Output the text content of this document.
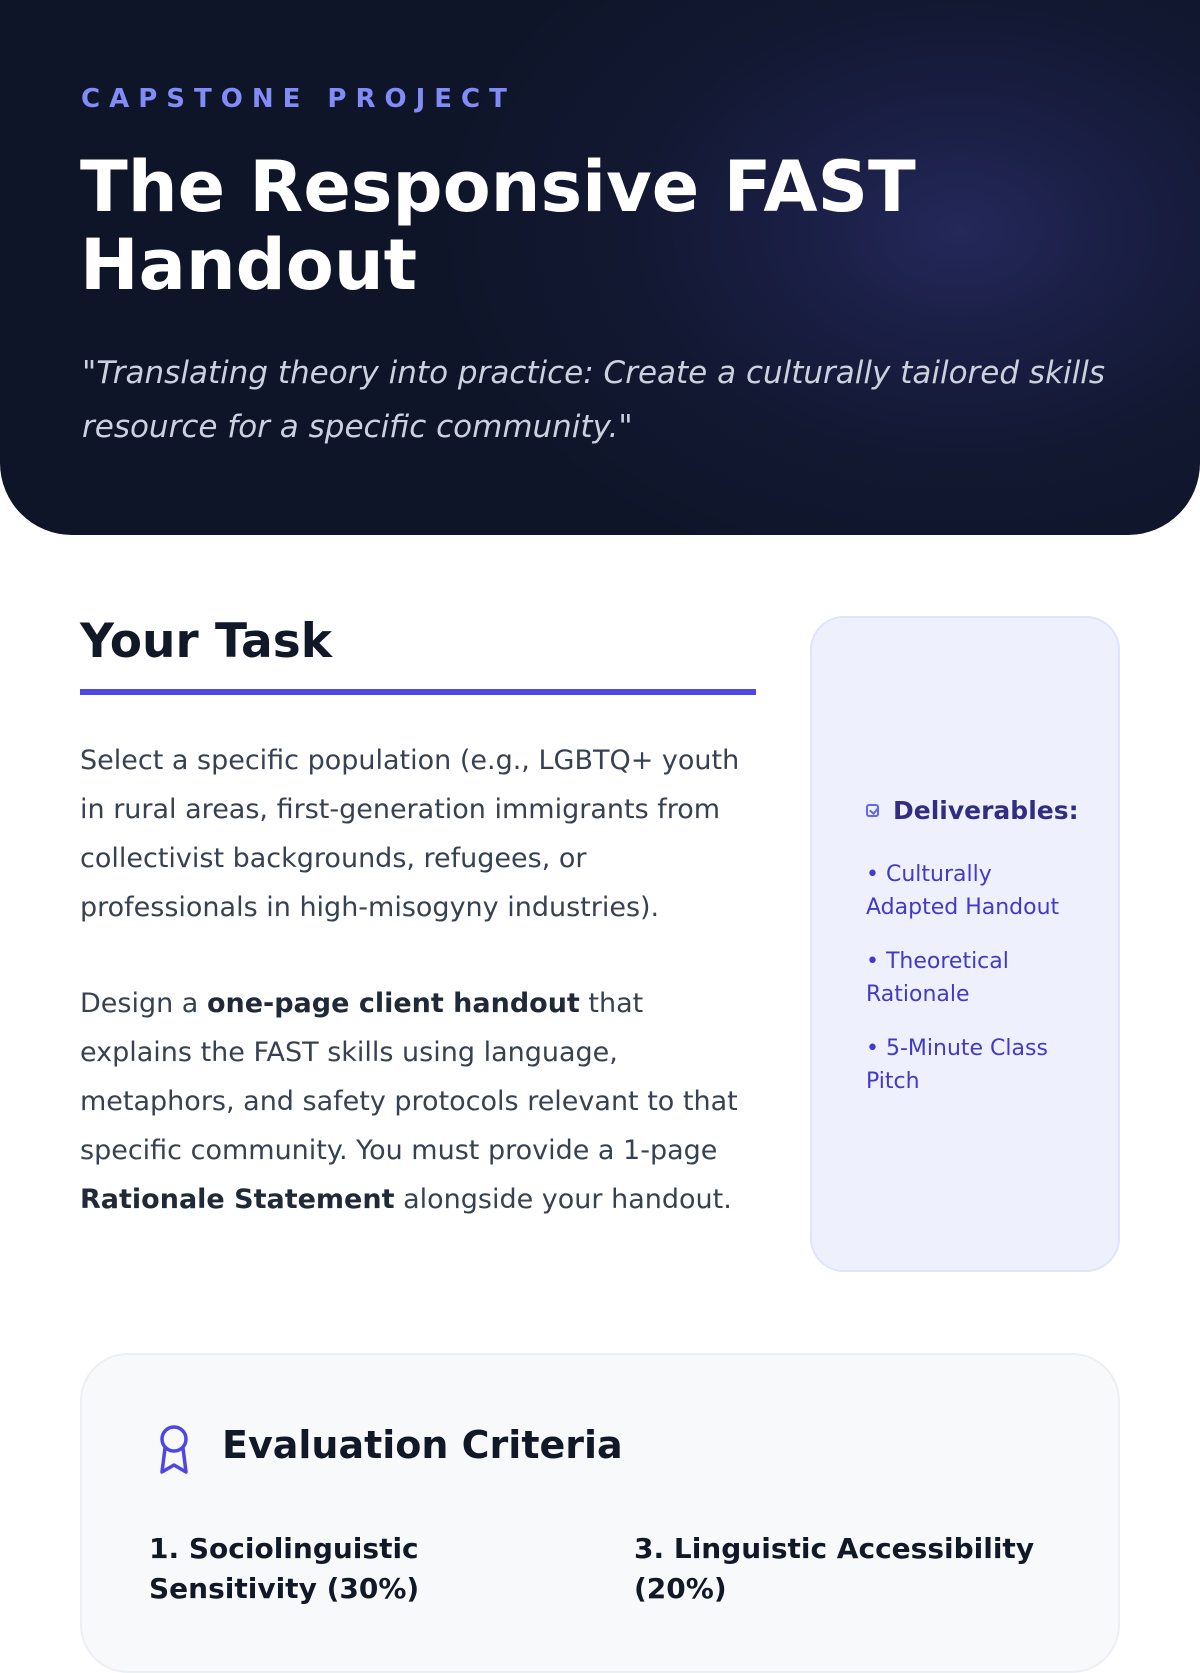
CAPSTONE PROJECT
The Responsive FAST Handout

"Translating theory into practice: Create a culturally tailored skills resource for a specific community."

Your Task

Select a specific population (e.g., LGBTQ+ youth in rural areas, first-generation immigrants from collectivist backgrounds, refugees, or professionals in high-misogyny industries).

Design a one-page client handout that explains the FAST skills using language, metaphors, and safety protocols relevant to that specific community. You must provide a 1-page Rationale Statement alongside your handout.

Deliverables:
• Culturally Adapted Handout
• Theoretical Rationale
• 5-Minute Class Pitch
Evaluation Criteria
1. Sociolinguistic Sensitivity (30%)
3. Linguistic Accessibility (20%)
